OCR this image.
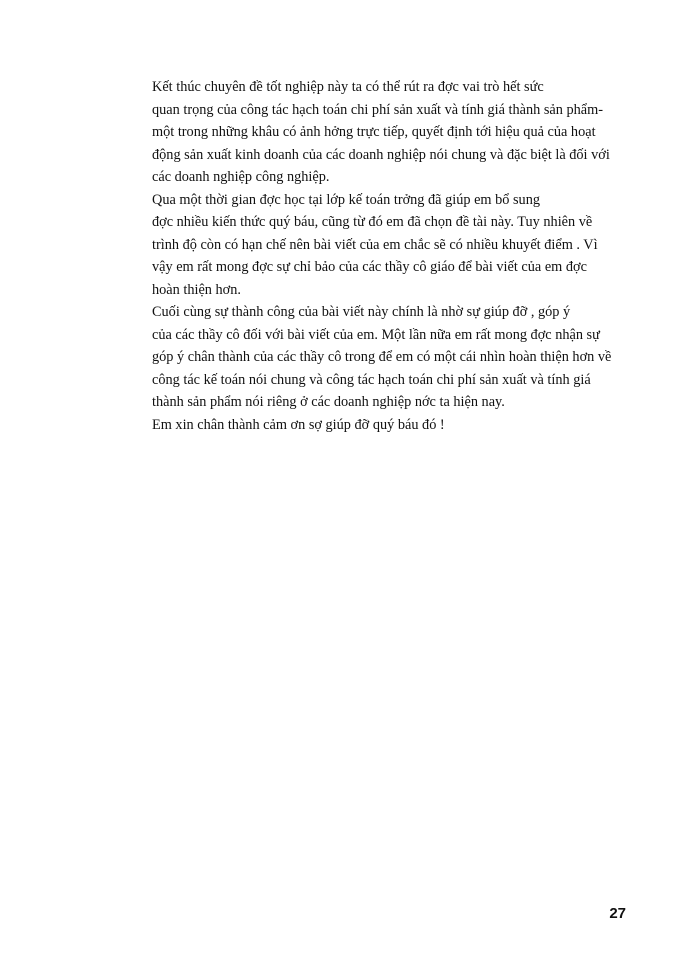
Kết thúc chuyên đề tốt nghiệp này ta có thể rút ra đợc vai trò hết sức
quan trọng của công tác hạch toán chi phí sản xuất và tính giá thành sản phẩm-
một trong những khâu có ảnh hởng trực tiếp, quyết định tới hiệu quả của hoạt
động sản xuất kinh doanh của các doanh nghiệp nói chung và đặc biệt là đối với
các doanh nghiệp công nghiệp.

Qua một thời gian đợc học tại lớp kế toán trởng đã giúp em bổ sung
đợc nhiều kiến thức quý báu, cũng từ đó em đã chọn đề tài này. Tuy nhiên về
trình độ còn có hạn chế nên bài viết của em chắc sẽ có nhiều khuyết điểm . Vì
vậy em rất mong đợc sự chỉ bảo của các thầy cô giáo để bài viết của em đợc
hoàn thiện hơn.

Cuối cùng sự thành công của bài viết này chính là nhờ sự giúp đỡ , góp ý
của các thầy cô đối với bài viết của em. Một lần nữa em rất mong đợc nhận sự
góp ý chân thành của các thầy cô trong để em có một cái nhìn hoàn thiện hơn về
công tác kế toán nói chung và công tác hạch toán chi phí sản xuất và tính giá
thành sản phẩm nói riêng ở các doanh nghiệp nớc ta hiện nay.

Em xin chân thành cảm ơn sợ giúp đỡ quý báu đó !

27
